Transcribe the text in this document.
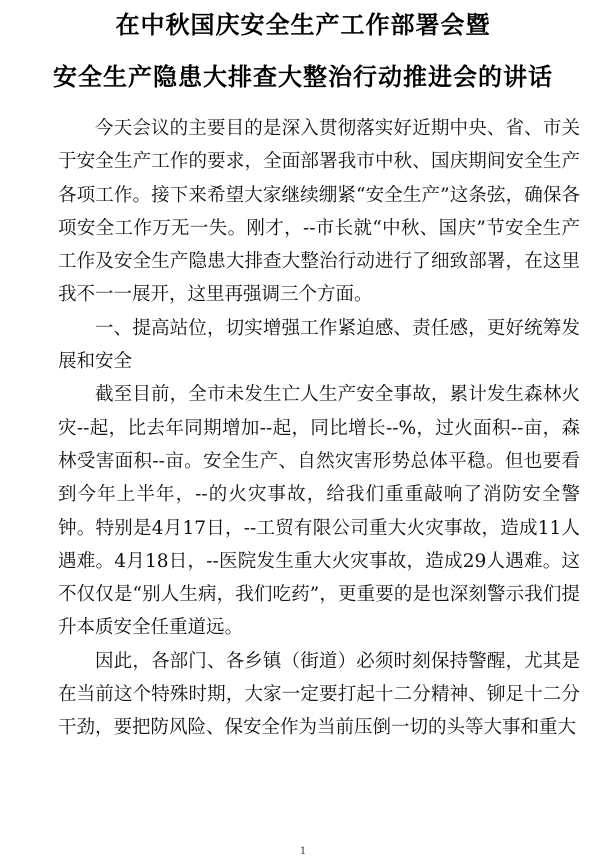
在中秋国庆安全生产工作部署会暨
安全生产隐患大排查大整治行动推进会的讲话

今天会议的主要目的是深入贯彻落实好近期中央、省、市关于安全生产工作的要求，全面部署我市中秋、国庆期间安全生产各项工作。接下来希望大家继续绷紧“安全生产”这条弦，确保各项安全工作万无一失。刚才，--市长就“中秋、国庆”节安全生产工作及安全生产隐患大排查大整治行动进行了细致部署，在这里我不一一展开，这里再强调三个方面。

一、提高站位，切实增强工作紧迫感、责任感，更好统筹发展和安全

截至目前，全市未发生亡人生产安全事故，累计发生森林火灾--起，比去年同期增加--起，同比增长--%，过火面积--亩，森林受害面积--亩。安全生产、自然灾害形势总体平稳。但也要看到今年上半年，--的火灾事故，给我们重重敲响了消防安全警钟。特别是4月17日，--工贸有限公司重大火灾事故，造成11人遇难。4月18日，--医院发生重大火灾事故，造成29人遇难。这不仅仅是“别人生病，我们吃药”，更重要的是也深刻警示我们提升本质安全任重道远。

因此，各部门、各乡镇（街道）必须时刻保持警醒，尤其是在当前这个特殊时期，大家一定要打起十二分精神、铆足十二分干劲，要把防风险、保安全作为当前压倒一切的头等大事和重大

1
